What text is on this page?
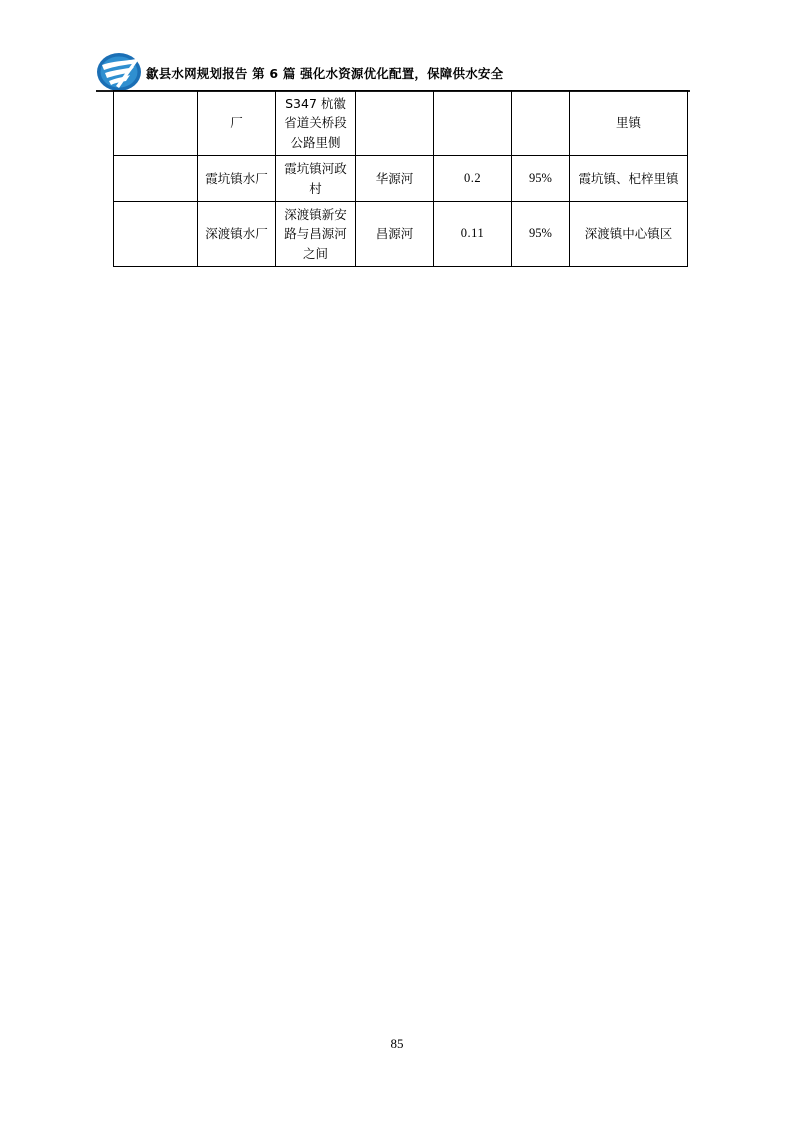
歙县水网规划报告 第 6 篇 强化水资源优化配置，保障供水安全
	厂	S347 杭徽省道关桥段公路里侧				里镇
	霞坑镇水厂	霞坑镇河政村	华源河	0.2	95%	霞坑镇、杞梓里镇
	深渡镇水厂	深渡镇新安路与昌源河之间	昌源河	0.11	95%	深渡镇中心镇区
85
